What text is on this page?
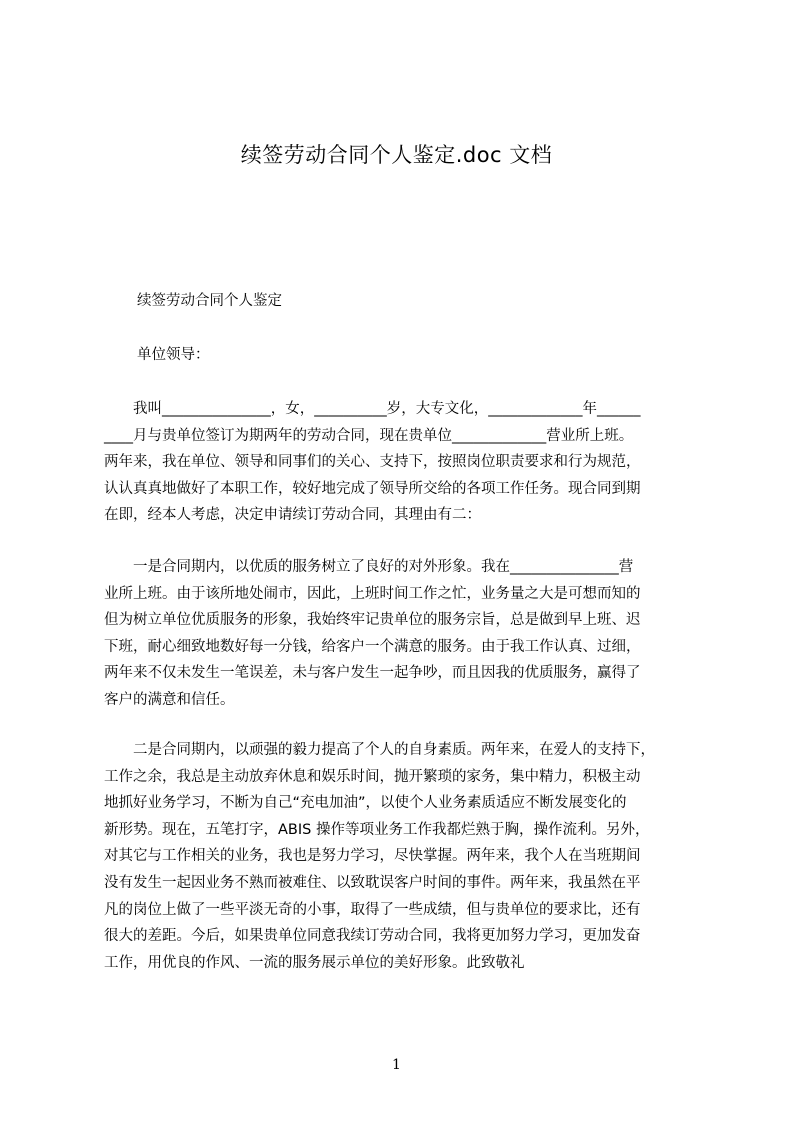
续签劳动合同个人鉴定.doc 文档

续签劳动合同个人鉴定

单位领导：

　　我叫_______________，女，__________岁，大专文化，_____________年______
____月与贵单位签订为期两年的劳动合同，现在贵单位_____________营业所上班。
两年来，我在单位、领导和同事们的关心、支持下，按照岗位职责要求和行为规范，
认认真真地做好了本职工作，较好地完成了领导所交给的各项工作任务。现合同到期
在即，经本人考虑，决定申请续订劳动合同，其理由有二：
　　一是合同期内，以优质的服务树立了良好的对外形象。我在_______________营
业所上班。由于该所地处闹市，因此，上班时间工作之忙，业务量之大是可想而知的
但为树立单位优质服务的形象，我始终牢记贵单位的服务宗旨，总是做到早上班、迟
下班，耐心细致地数好每一分钱，给客户一个满意的服务。由于我工作认真、过细，
两年来不仅未发生一笔误差，未与客户发生一起争吵，而且因我的优质服务，赢得了
客户的满意和信任。
　　二是合同期内，以顽强的毅力提高了个人的自身素质。两年来，在爱人的支持下，
工作之余，我总是主动放弃休息和娱乐时间，抛开繁琐的家务，集中精力，积极主动
地抓好业务学习，不断为自己“充电加油”，以使个人业务素质适应不断发展变化的
新形势。现在，五笔打字，ABIS 操作等项业务工作我都烂熟于胸，操作流利。另外，
对其它与工作相关的业务，我也是努力学习，尽快掌握。两年来，我个人在当班期间
没有发生一起因业务不熟而被难住、以致耽误客户时间的事件。两年来，我虽然在平
凡的岗位上做了一些平淡无奇的小事，取得了一些成绩，但与贵单位的要求比，还有
很大的差距。今后，如果贵单位同意我续订劳动合同，我将更加努力学习，更加发奋
工作，用优良的作风、一流的服务展示单位的美好形象。此致敬礼
1
